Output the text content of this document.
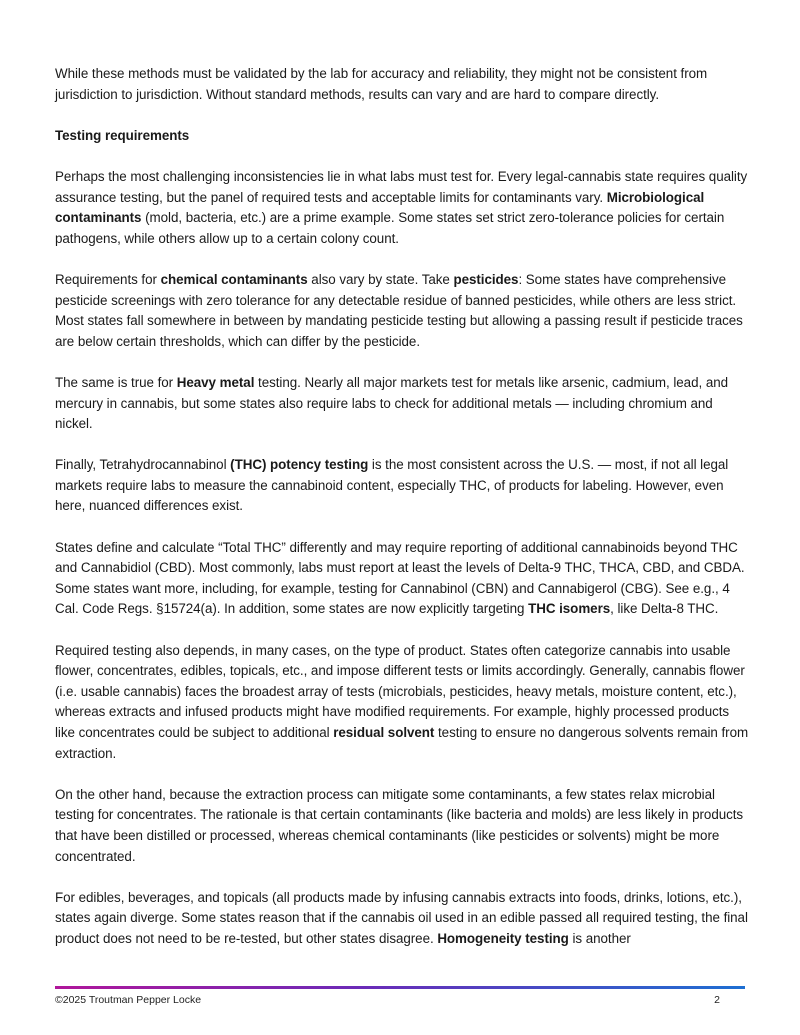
While these methods must be validated by the lab for accuracy and reliability, they might not be consistent from jurisdiction to jurisdiction. Without standard methods, results can vary and are hard to compare directly.

Testing requirements

Perhaps the most challenging inconsistencies lie in what labs must test for. Every legal-cannabis state requires quality assurance testing, but the panel of required tests and acceptable limits for contaminants vary. Microbiological contaminants (mold, bacteria, etc.) are a prime example. Some states set strict zero-tolerance policies for certain pathogens, while others allow up to a certain colony count.

Requirements for chemical contaminants also vary by state. Take pesticides: Some states have comprehensive pesticide screenings with zero tolerance for any detectable residue of banned pesticides, while others are less strict. Most states fall somewhere in between by mandating pesticide testing but allowing a passing result if pesticide traces are below certain thresholds, which can differ by the pesticide.

The same is true for Heavy metal testing. Nearly all major markets test for metals like arsenic, cadmium, lead, and mercury in cannabis, but some states also require labs to check for additional metals — including chromium and nickel.

Finally, Tetrahydrocannabinol (THC) potency testing is the most consistent across the U.S. — most, if not all legal markets require labs to measure the cannabinoid content, especially THC, of products for labeling. However, even here, nuanced differences exist.

States define and calculate “Total THC” differently and may require reporting of additional cannabinoids beyond THC and Cannabidiol (CBD). Most commonly, labs must report at least the levels of Delta-9 THC, THCA, CBD, and CBDA. Some states want more, including, for example, testing for Cannabinol (CBN) and Cannabigerol (CBG). See e.g., 4 Cal. Code Regs. §15724(a). In addition, some states are now explicitly targeting THC isomers, like Delta-8 THC.

Required testing also depends, in many cases, on the type of product. States often categorize cannabis into usable flower, concentrates, edibles, topicals, etc., and impose different tests or limits accordingly. Generally, cannabis flower (i.e. usable cannabis) faces the broadest array of tests (microbials, pesticides, heavy metals, moisture content, etc.), whereas extracts and infused products might have modified requirements. For example, highly processed products like concentrates could be subject to additional residual solvent testing to ensure no dangerous solvents remain from extraction.

On the other hand, because the extraction process can mitigate some contaminants, a few states relax microbial testing for concentrates. The rationale is that certain contaminants (like bacteria and molds) are less likely in products that have been distilled or processed, whereas chemical contaminants (like pesticides or solvents) might be more concentrated.

For edibles, beverages, and topicals (all products made by infusing cannabis extracts into foods, drinks, lotions, etc.), states again diverge. Some states reason that if the cannabis oil used in an edible passed all required testing, the final product does not need to be re-tested, but other states disagree. Homogeneity testing is another

©2025 Troutman Pepper Locke	2
